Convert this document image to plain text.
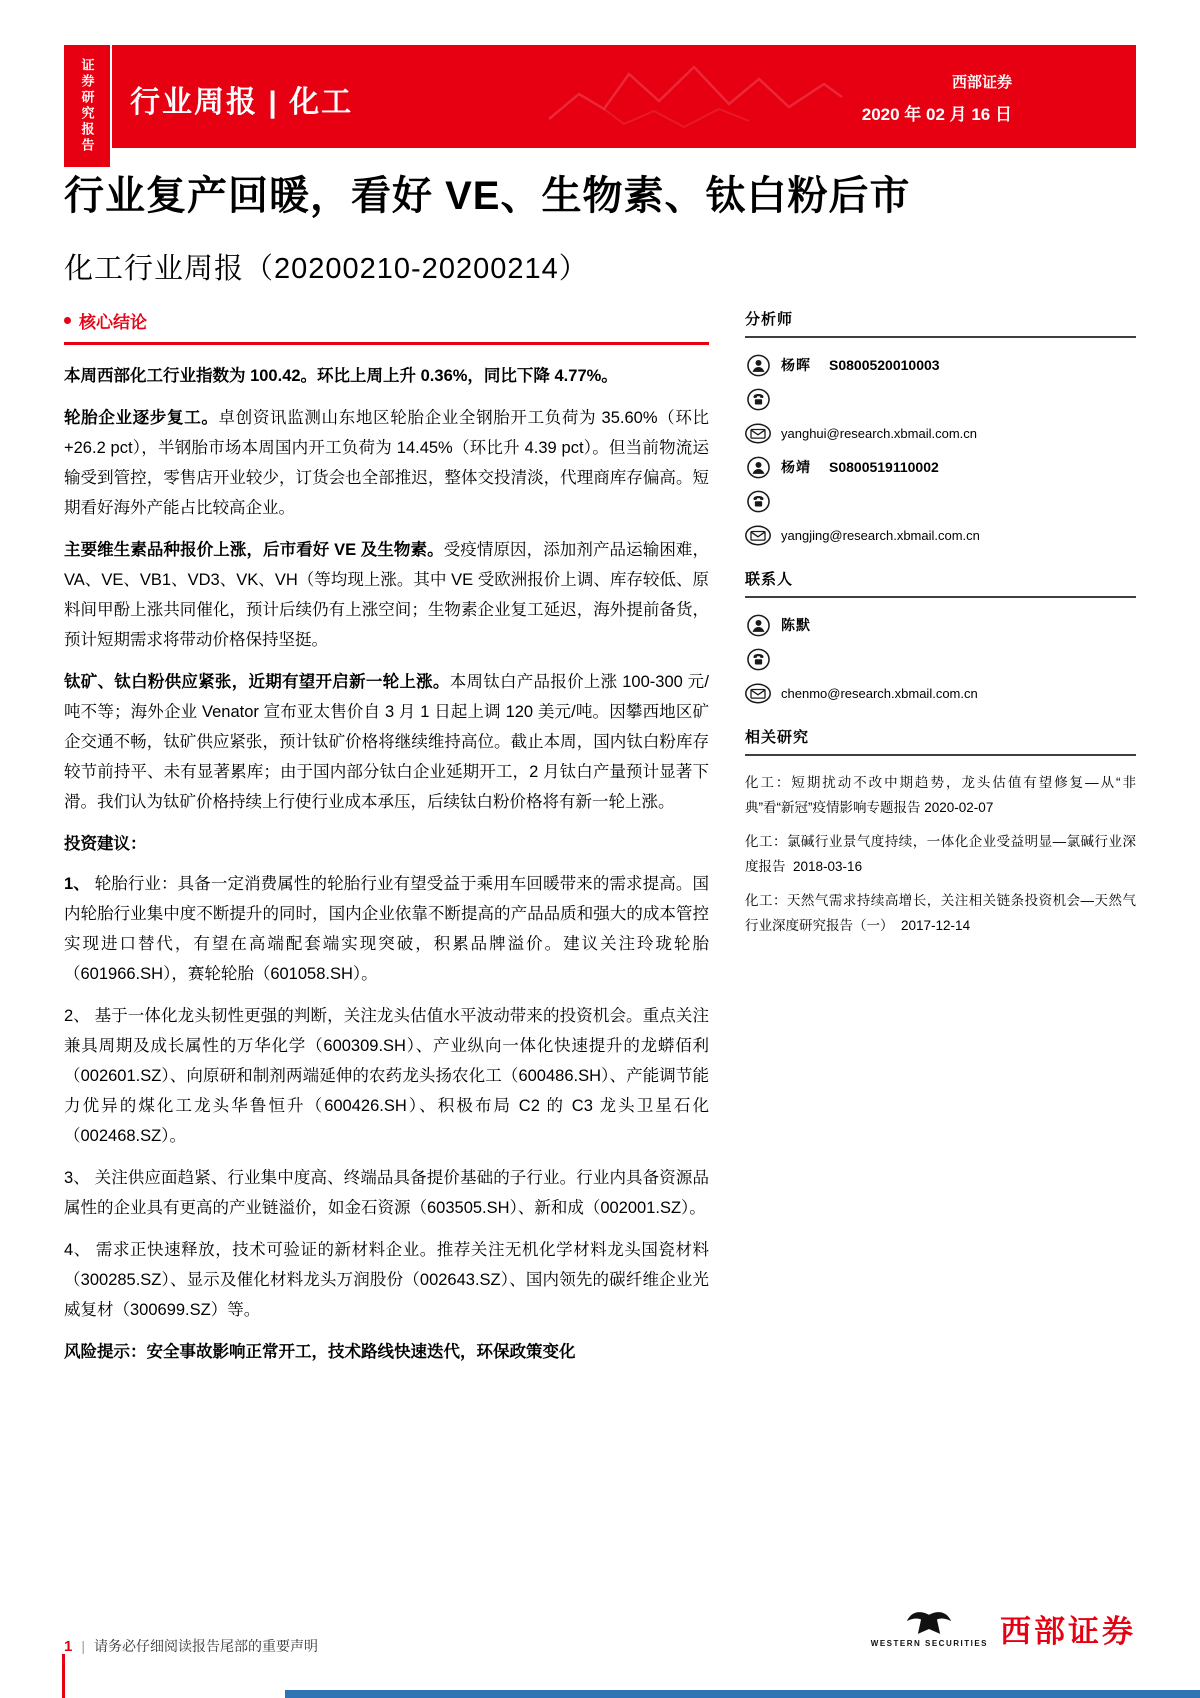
行业周报 | 化工
西部证券
2020 年 02 月 16 日
证券研究报告
行业复产回暖，看好 VE、生物素、钛白粉后市
化工行业周报（20200210-20200214）
核心结论

本周西部化工行业指数为 100.42。环比上周上升 0.36%，同比下降 4.77%。

轮胎企业逐步复工。卓创资讯监测山东地区轮胎企业全钢胎开工负荷为 35.60%（环比+26.2 pct），半钢胎市场本周国内开工负荷为 14.45%（环比升 4.39 pct）。但当前物流运输受到管控，零售店开业较少，订货会也全部推迟，整体交投清淡，代理商库存偏高。短期看好海外产能占比较高企业。

主要维生素品种报价上涨，后市看好 VE 及生物素。受疫情原因，添加剂产品运输困难，VA、VE、VB1、VD3、VK、VH（等均现上涨。其中 VE 受欧洲报价上调、库存较低、原料间甲酚上涨共同催化，预计后续仍有上涨空间；生物素企业复工延迟，海外提前备货，预计短期需求将带动价格保持坚挺。

钛矿、钛白粉供应紧张，近期有望开启新一轮上涨。本周钛白产品报价上涨 100-300 元/吨不等；海外企业 Venator 宣布亚太售价自 3 月 1 日起上调 120 美元/吨。因攀西地区矿企交通不畅，钛矿供应紧张，预计钛矿价格将继续维持高位。截止本周，国内钛白粉库存较节前持平、未有显著累库；由于国内部分钛白企业延期开工，2 月钛白产量预计显著下滑。我们认为钛矿价格持续上行使行业成本承压，后续钛白粉价格将有新一轮上涨。

投资建议：

1、 轮胎行业：具备一定消费属性的轮胎行业有望受益于乘用车回暖带来的需求提高。国内轮胎行业集中度不断提升的同时，国内企业依靠不断提高的产品品质和强大的成本管控实现进口替代，有望在高端配套端实现突破，积累品牌溢价。建议关注玲珑轮胎（601966.SH），赛轮轮胎（601058.SH）。

2、 基于一体化龙头韧性更强的判断，关注龙头估值水平波动带来的投资机会。重点关注兼具周期及成长属性的万华化学（600309.SH）、产业纵向一体化快速提升的龙蟒佰利（002601.SZ）、向原研和制剂两端延伸的农药龙头扬农化工（600486.SH）、产能调节能力优异的煤化工龙头华鲁恒升（600426.SH）、积极布局 C2 的 C3 龙头卫星石化（002468.SZ）。

3、 关注供应面趋紧、行业集中度高、终端品具备提价基础的子行业。行业内具备资源品属性的企业具有更高的产业链溢价，如金石资源（603505.SH）、新和成（002001.SZ）。

4、 需求正快速释放，技术可验证的新材料企业。推荐关注无机化学材料龙头国瓷材料（300285.SZ）、显示及催化材料龙头万润股份（002643.SZ）、国内领先的碳纤维企业光威复材（300699.SZ）等。

风险提示：安全事故影响正常开工，技术路线快速迭代，环保政策变化

分析师
杨晖 S0800520010003
yanghui@research.xbmail.com.cn
杨靖 S0800519110002
yangjing@research.xbmail.com.cn
联系人
陈默
chenmo@research.xbmail.com.cn
相关研究
化工：短期扰动不改中期趋势，龙头估值有望修复—从“非典”看“新冠”疫情影响专题报告 2020-02-07
化工：氯碱行业景气度持续，一体化企业受益明显—氯碱行业深度报告 2018-03-16
化工：天然气需求持续高增长，关注相关链条投资机会—天然气行业深度研究报告（一） 2017-12-14
1 | 请务必仔细阅读报告尾部的重要声明	WESTERN SECURITIES 西部证券
